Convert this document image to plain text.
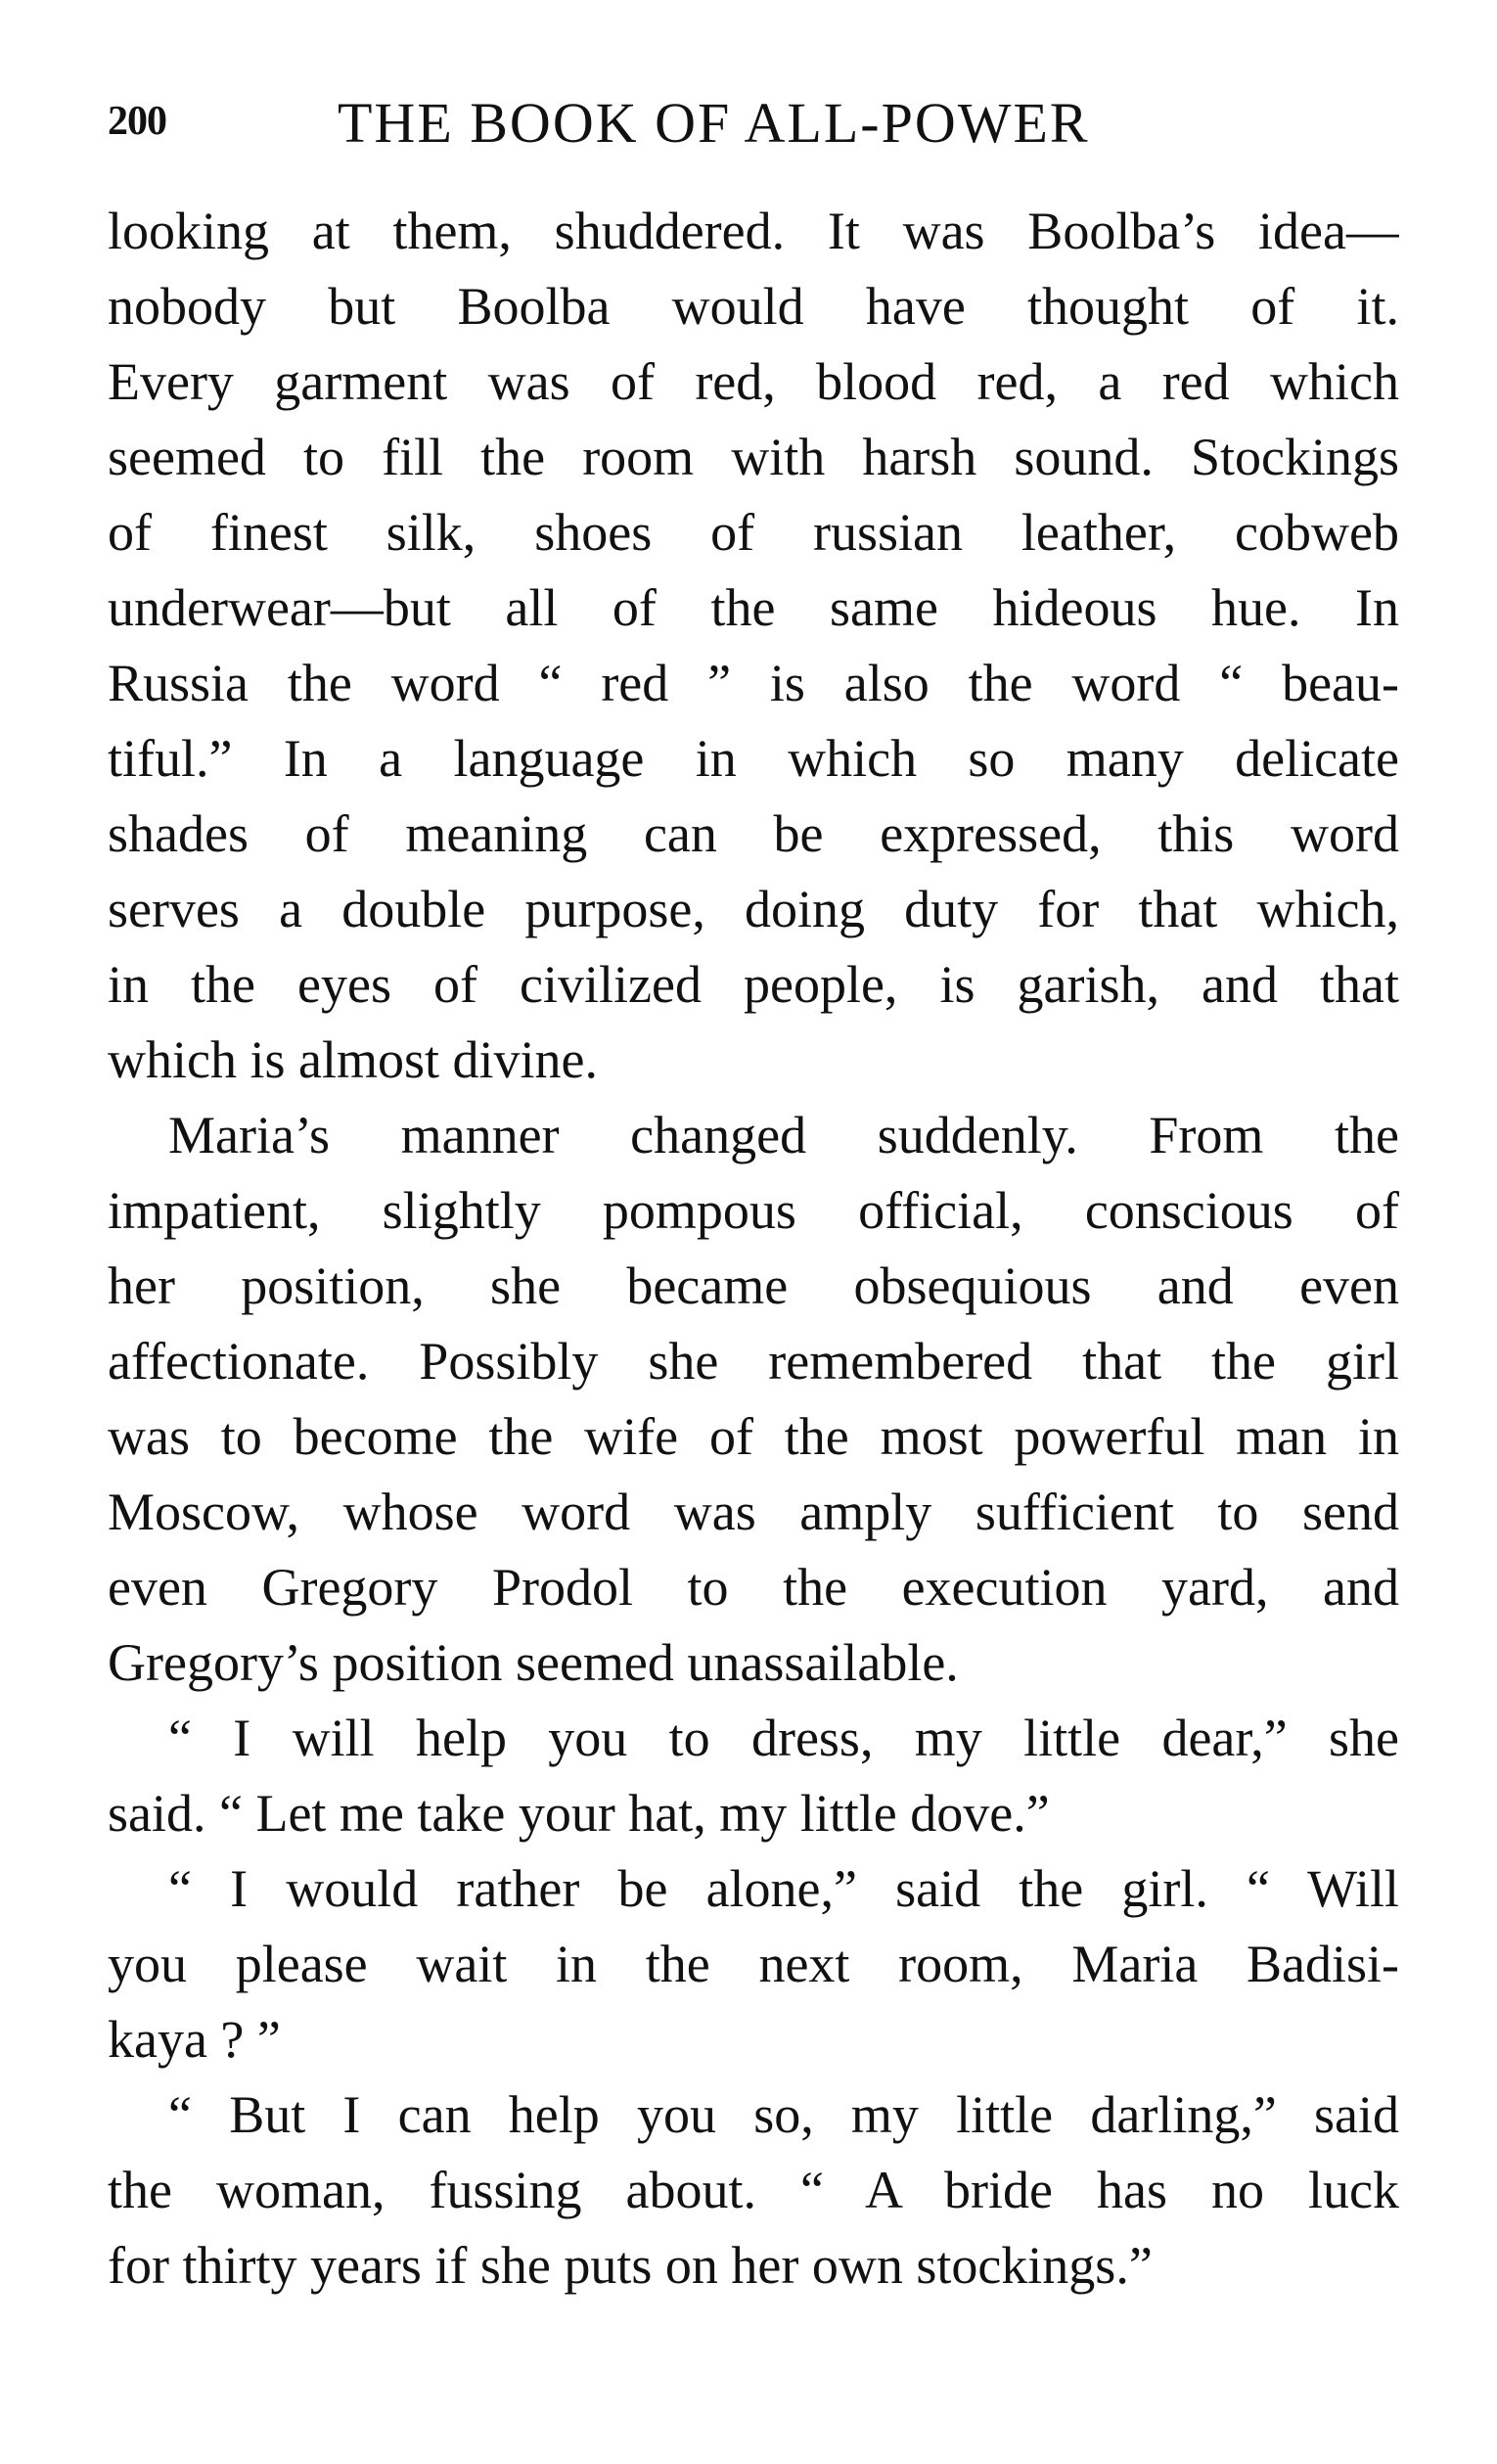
200	THE BOOK OF ALL-POWER
looking at them, shuddered. It was Boolba’s idea—
nobody but Boolba would have thought of it.
Every garment was of red, blood red, a red which
seemed to fill the room with harsh sound. Stockings
of finest silk, shoes of russian leather, cobweb
underwear—but all of the same hideous hue. In
Russia the word “ red ” is also the word “ beau-
tiful.” In a language in which so many delicate
shades of meaning can be expressed, this word
serves a double purpose, doing duty for that which,
in the eyes of civilized people, is garish, and that
which is almost divine.
Maria’s manner changed suddenly. From the
impatient, slightly pompous official, conscious of
her position, she became obsequious and even
affectionate. Possibly she remembered that the girl
was to become the wife of the most powerful man in
Moscow, whose word was amply sufficient to send
even Gregory Prodol to the execution yard, and
Gregory’s position seemed unassailable.
“ I will help you to dress, my little dear,” she
said. “ Let me take your hat, my little dove.”
“ I would rather be alone,” said the girl. “ Will
you please wait in the next room, Maria Badisi-
kaya ? ”
“ But I can help you so, my little darling,” said
the woman, fussing about. “ A bride has no luck
for thirty years if she puts on her own stockings.”
